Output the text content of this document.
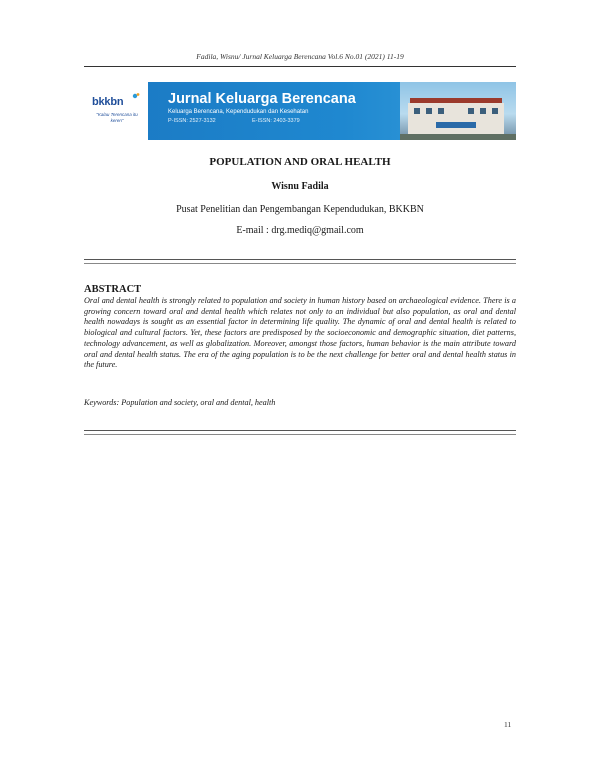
Fadila, Wisnu/ Jurnal Keluarga Berencana Vol.6 No.01 (2021) 11-19
bkkbn
"Kalau Terencana itu keren"
Jurnal Keluarga Berencana
Keluarga Berencana, Kependudukan dan Kesehatan
P-ISSN: 2527-3132	E-ISSN: 2403-3379
POPULATION AND ORAL HEALTH
Wisnu Fadila
Pusat Penelitian dan Pengembangan Kependudukan, BKKBN
E-mail : drg.mediq@gmail.com
ABSTRACT

Oral and dental health is strongly related to population and society in human history based on archaeological evidence. There is a growing concern toward oral and dental health which relates not only to an individual but also population, as oral and dental health nowadays is sought as an essential factor in determining life quality. The dynamic of oral and dental health is related to biological and cultural factors. Yet, these factors are predisposed by the socioeconomic and demographic situation, diet patterns, technology advancement, as well as globalization. Moreover, amongst those factors, human behavior is the main attribute toward oral and dental health status. The era of the aging population is to be the next challenge for better oral and dental health status in the future.

Keywords: Population and society, oral and dental, health
11
